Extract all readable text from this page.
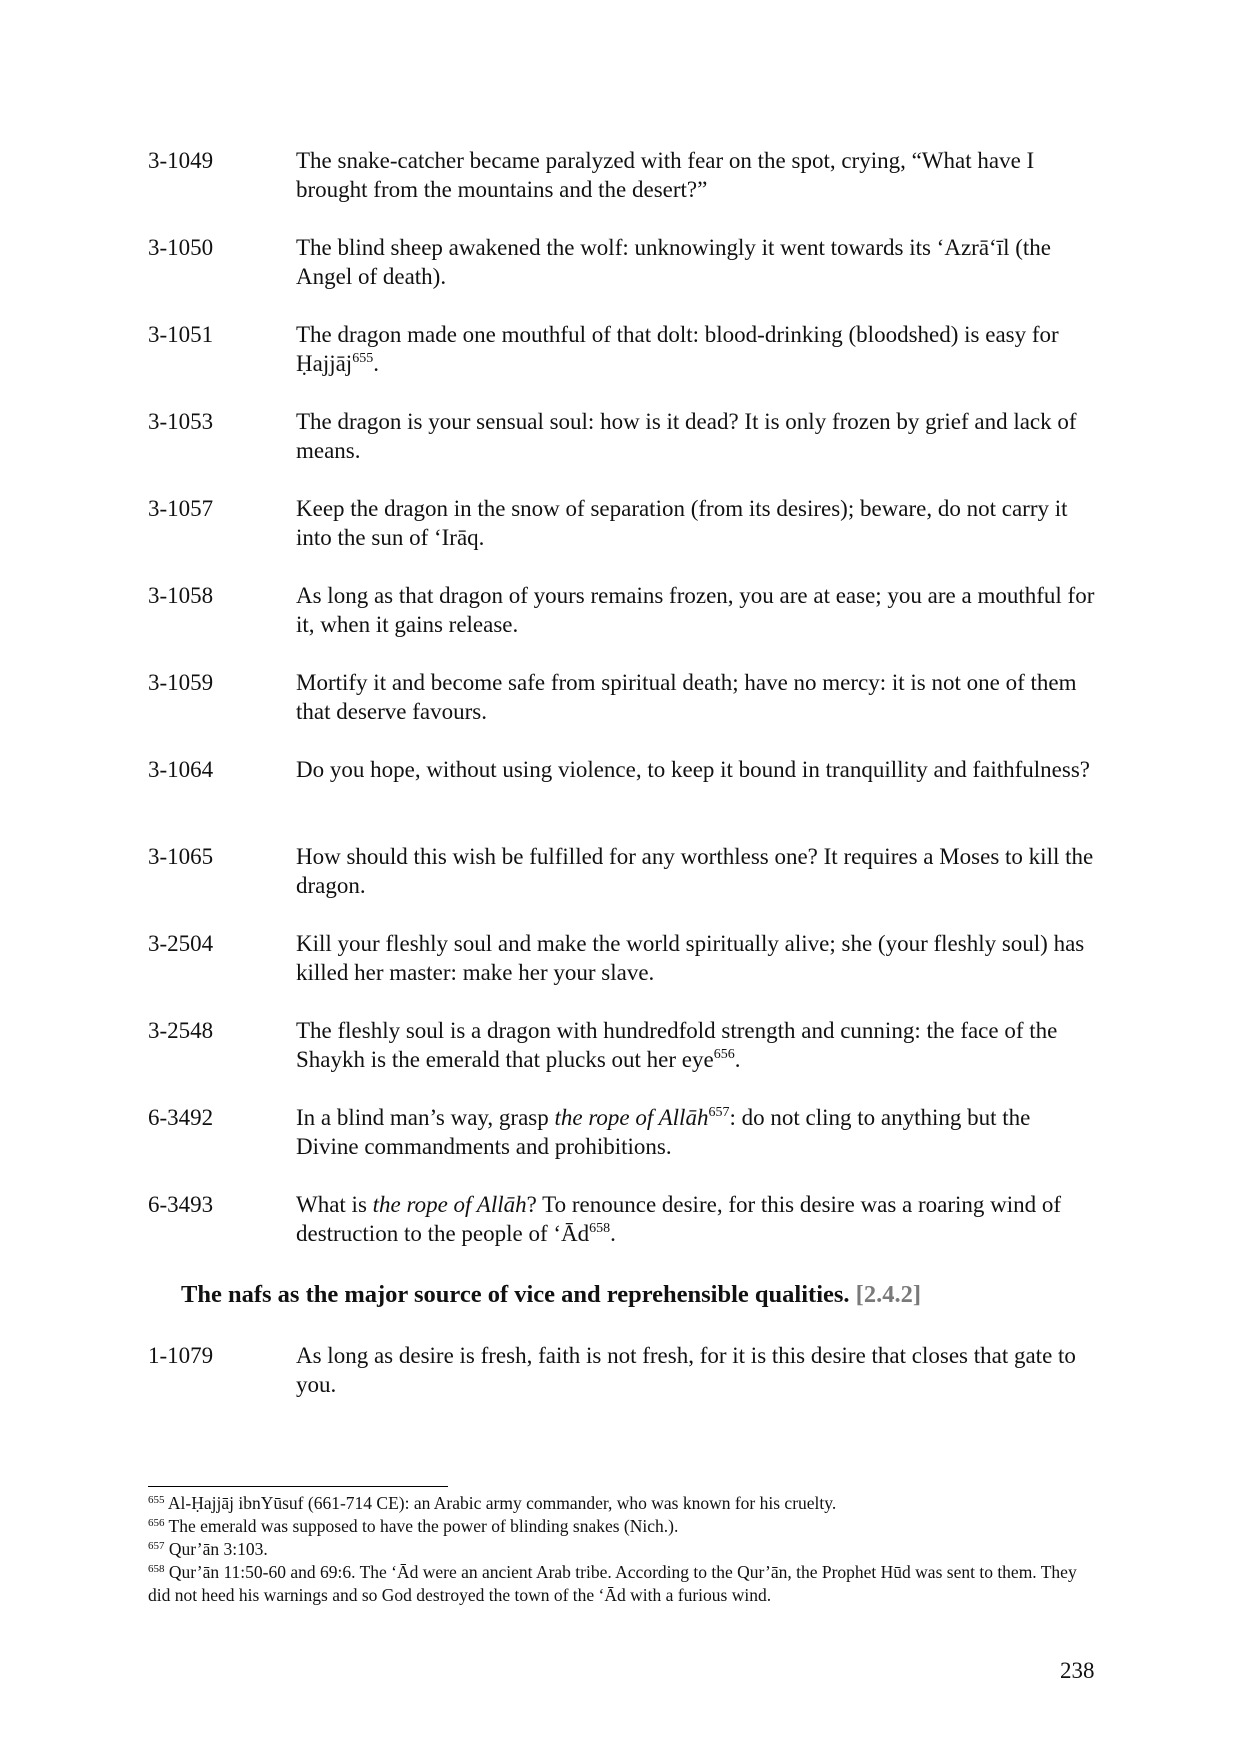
3-1049	The snake-catcher became paralyzed with fear on the spot, crying, “What have I brought from the mountains and the desert?”
3-1050	The blind sheep awakened the wolf: unknowingly it went towards its ‘Azrā‘īl (the Angel of death).
3-1051	The dragon made one mouthful of that dolt: blood-drinking (bloodshed) is easy for Ḥajjāj$^{655}$.
3-1053	The dragon is your sensual soul: how is it dead? It is only frozen by grief and lack of means.
3-1057	Keep the dragon in the snow of separation (from its desires); beware, do not carry it into the sun of ‘Irāq.
3-1058	As long as that dragon of yours remains frozen, you are at ease; you are a mouthful for it, when it gains release.
3-1059	Mortify it and become safe from spiritual death; have no mercy: it is not one of them that deserve favours.
3-1064	Do you hope, without using violence, to keep it bound in tranquillity and faithfulness?
3-1065	How should this wish be fulfilled for any worthless one? It requires a Moses to kill the dragon.
3-2504	Kill your fleshly soul and make the world spiritually alive; she (your fleshly soul) has killed her master: make her your slave.
3-2548	The fleshly soul is a dragon with hundredfold strength and cunning: the face of the Shaykh is the emerald that plucks out her eye$^{656}$.
6-3492	In a blind man’s way, grasp the rope of Allāh$^{657}$: do not cling to anything but the Divine commandments and prohibitions.
6-3493	What is the rope of Allāh? To renounce desire, for this desire was a roaring wind of destruction to the people of ‘$Ād^{658}$.
The nafs as the major source of vice and reprehensible qualities. [2.4.2]
1-1079	As long as desire is fresh, faith is not fresh, for it is this desire that closes that gate to you.

$^{655}$ Al-Ḥajjāj ibnYūsuf (661-714 CE): an Arabic army commander, who was known for his cruelty.

$^{656}$ The emerald was supposed to have the power of blinding snakes (Nich.).

$^{657}$ Qur’ān 3:103.

$^{658}$ Qur’ān 11:50-60 and 69:6. The ‘Ād were an ancient Arab tribe. According to the Qur’ān, the Prophet Hūd was sent to them. They did not heed his warnings and so God destroyed the town of the ‘Ād with a furious wind.

238
